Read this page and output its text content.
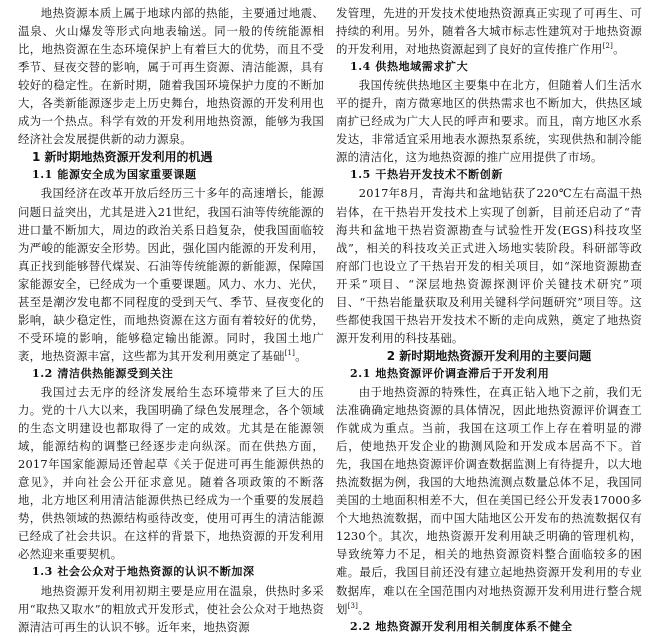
地热资源本质上属于地球内部的热能，主要通过地震、温泉、火山爆发等形式向地表输送。同一般的传统能源相比，地热资源在生态环境保护上有着巨大的优势，而且不受季节、昼夜交替的影响，属于可再生资源、清洁能源，具有较好的稳定性。在新时期，随着我国环境保护力度的不断加大，各类新能源逐步走上历史舞台，地热资源的开发利用也成为一个热点。科学有效的开发利用地热资源，能够为我国经济社会发展提供新的动力源泉。

1 新时期地热资源开发利用的机遇

1.1 能源安全成为国家重要课题

我国经济在改革开放后经历三十多年的高速增长，能源问题日益突出，尤其是进入21世纪，我国石油等传统能源的进口量不断加大，周边的政治关系日趋复杂，使我国面临较为严峻的能源安全形势。因此，强化国内能源的开发利用，真正找到能够替代煤炭、石油等传统能源的新能源，保障国家能源安全，已经成为一个重要课题。风力、水力、光伏，甚至是潮汐发电都不同程度的受到天气、季节、昼夜变化的影响，缺少稳定性，而地热资源在这方面有着较好的优势，不受环境的影响，能够稳定输出能源。同时，我国土地广袤，地热资源丰富，这些都为其开发利用奠定了基础[1]。

1.2 清洁供热能源受到关注

我国过去无序的经济发展给生态环境带来了巨大的压力。党的十八大以来，我国明确了绿色发展理念，各个领域的生态文明建设也都取得了一定的成效。尤其是在能源领域，能源结构的调整已经逐步走向纵深。而在供热方面，2017年国家能源局还曾起草《关于促进可再生能源供热的意见》，并向社会公开征求意见。随着各项政策的不断落地，北方地区利用清洁能源供热已经成为一个重要的发展趋势，供热领域的热源结构亟待改变，使用可再生的清洁能源已经成了社会共识。在这样的背景下，地热资源的开发利用必然迎来重要契机。

1.3 社会公众对于地热资源的认识不断加深

地热资源开发利用初期主要是应用在温泉，供热时多采用“取热又取水”的粗放式开发形式，使社会公众对于地热资源清洁可再生的认识不够。近年来，地热资源

发管理，先进的开发技术使地热资源真正实现了可再生、可持续的利用。另外，随着各大城市标志性建筑对于地热资源的开发利用，对地热资源起到了良好的宣传推广作用[2]。

1.4 供热地域需求扩大

我国传统供热地区主要集中在北方，但随着人们生活水平的提升，南方微寒地区的供热需求也不断加大，供热区域南扩已经成为广大人民的呼声和要求。而且，南方地区水系发达，非常适宜采用地表水源热泵系统，实现供热和制冷能源的清洁化，这为地热资源的推广应用提供了市场。

1.5 干热岩开发技术不断创新

2017年8月，青海共和盆地钻获了220℃左右高温干热岩体，在干热岩开发技术上实现了创新，目前还启动了“青海共和盆地干热岩资源勘查与试验性开发(EGS)科技攻坚战”，相关的科技攻关正式进入场地实装阶段。科研部等政府部门也设立了干热岩开发的相关项目，如“深地资源勘查开采”项目、“深层地热资源探测评价关键技术研究”项目、“干热岩能量获取及利用关键科学问题研究”项目等。这些都使我国干热岩开发技术不断的走向成熟，奠定了地热资源开发利用的科技基础。

2 新时期地热资源开发利用的主要问题

2.1 地热资源评价调查滞后于开发利用

由于地热资源的特殊性，在真正钻入地下之前，我们无法准确确定地热资源的具体情况，因此地热资源评价调查工作就成为重点。当前，我国在这项工作上存在着明显的滞后，使地热开发企业的勘测风险和开发成本居高不下。首先，我国在地热资源评价调查数据监测上有待提升，以大地热流数据为例，我国的大地热流测点数量总体不足，我国同美国的土地面积相差不大，但在美国已经公开发表17000多个大地热流数据，而中国大陆地区公开发布的热流数据仅有1230个。其次，地热资源开发利用缺乏明确的管理机构，导致统筹力不足，相关的地热资源资料整合面临较多的困难。最后，我国目前还没有建立起地热资源开发利用的专业数据库，难以在全国范围内对地热资源开发利用进行整合规划[3]。

2.2 地热资源开发利用相关制度体系不健全
